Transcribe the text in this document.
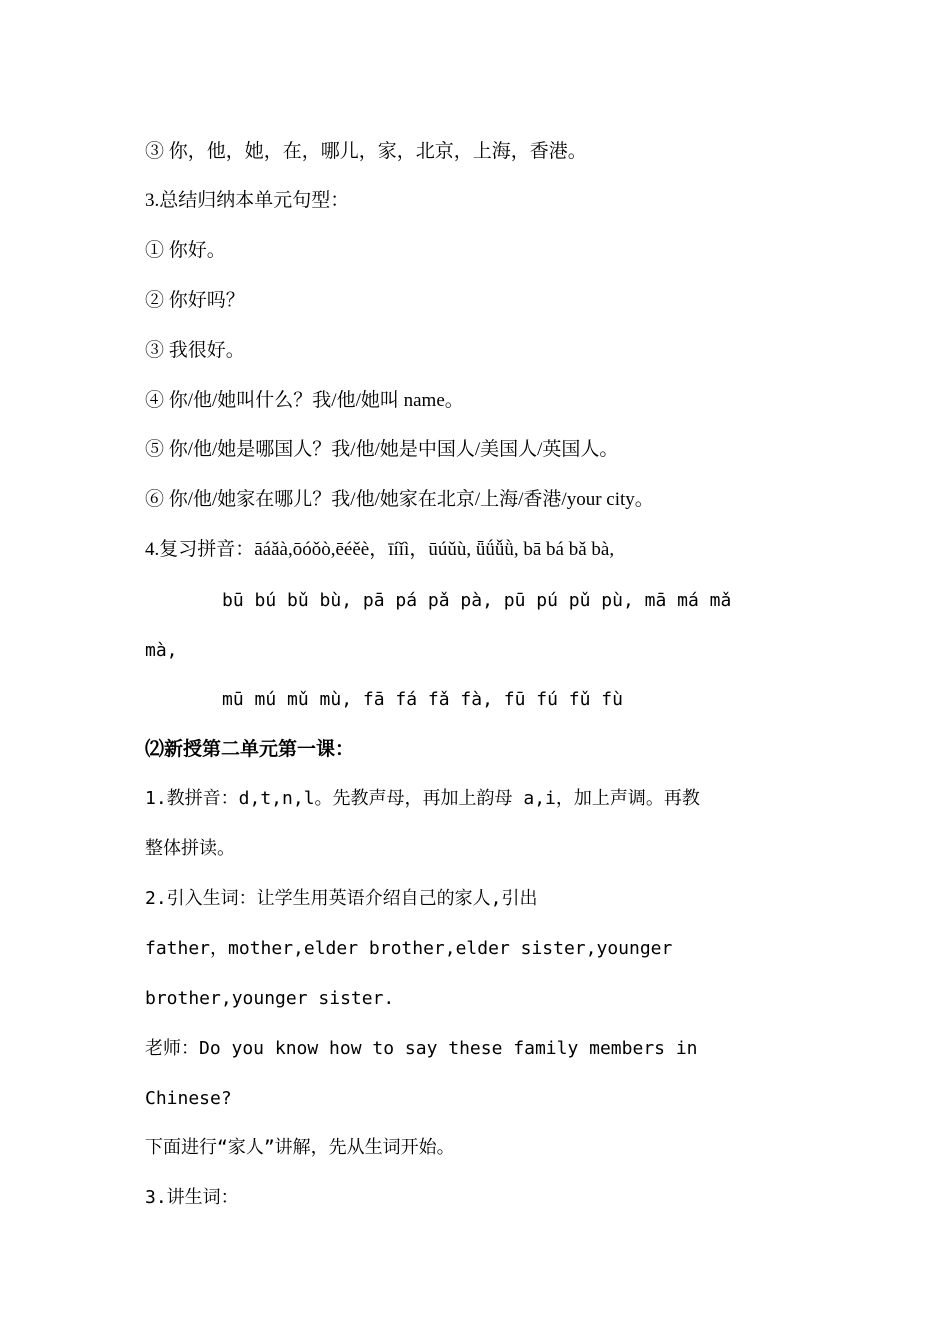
③ 你，他，她，在，哪儿，家，北京，上海，香港。
3.总结归纳本单元句型：
① 你好。
② 你好吗？
③ 我很好。
④ 你/他/她叫什么？我/他/她叫 name。
⑤ 你/他/她是哪国人？我/他/她是中国人/美国人/英国人。
⑥ 你/他/她家在哪儿？我/他/她家在北京/上海/香港/your city。
4.复习拼音：āáǎà,ōóǒò,ēéěè，īíǐì，ūúǔù, ǖǘǚǜ, bā bá bǎ bà,
bū bú bǔ bù, pā pá pǎ pà, pū pú pǔ pù, mā má mǎ
mà,
mū mú mǔ mù, fā fá fǎ fà, fū fú fǔ fù
⑵新授第二单元第一课：
1.教拼音：d,t,n,l。先教声母，再加上韵母 a,i，加上声调。再教
整体拼读。
2.引入生词：让学生用英语介绍自己的家人,引出
father，mother,elder brother,elder sister,younger
brother,younger sister.
老师：Do you know how to say these family members in
Chinese?
下面进行“家人”讲解，先从生词开始。
3.讲生词：
